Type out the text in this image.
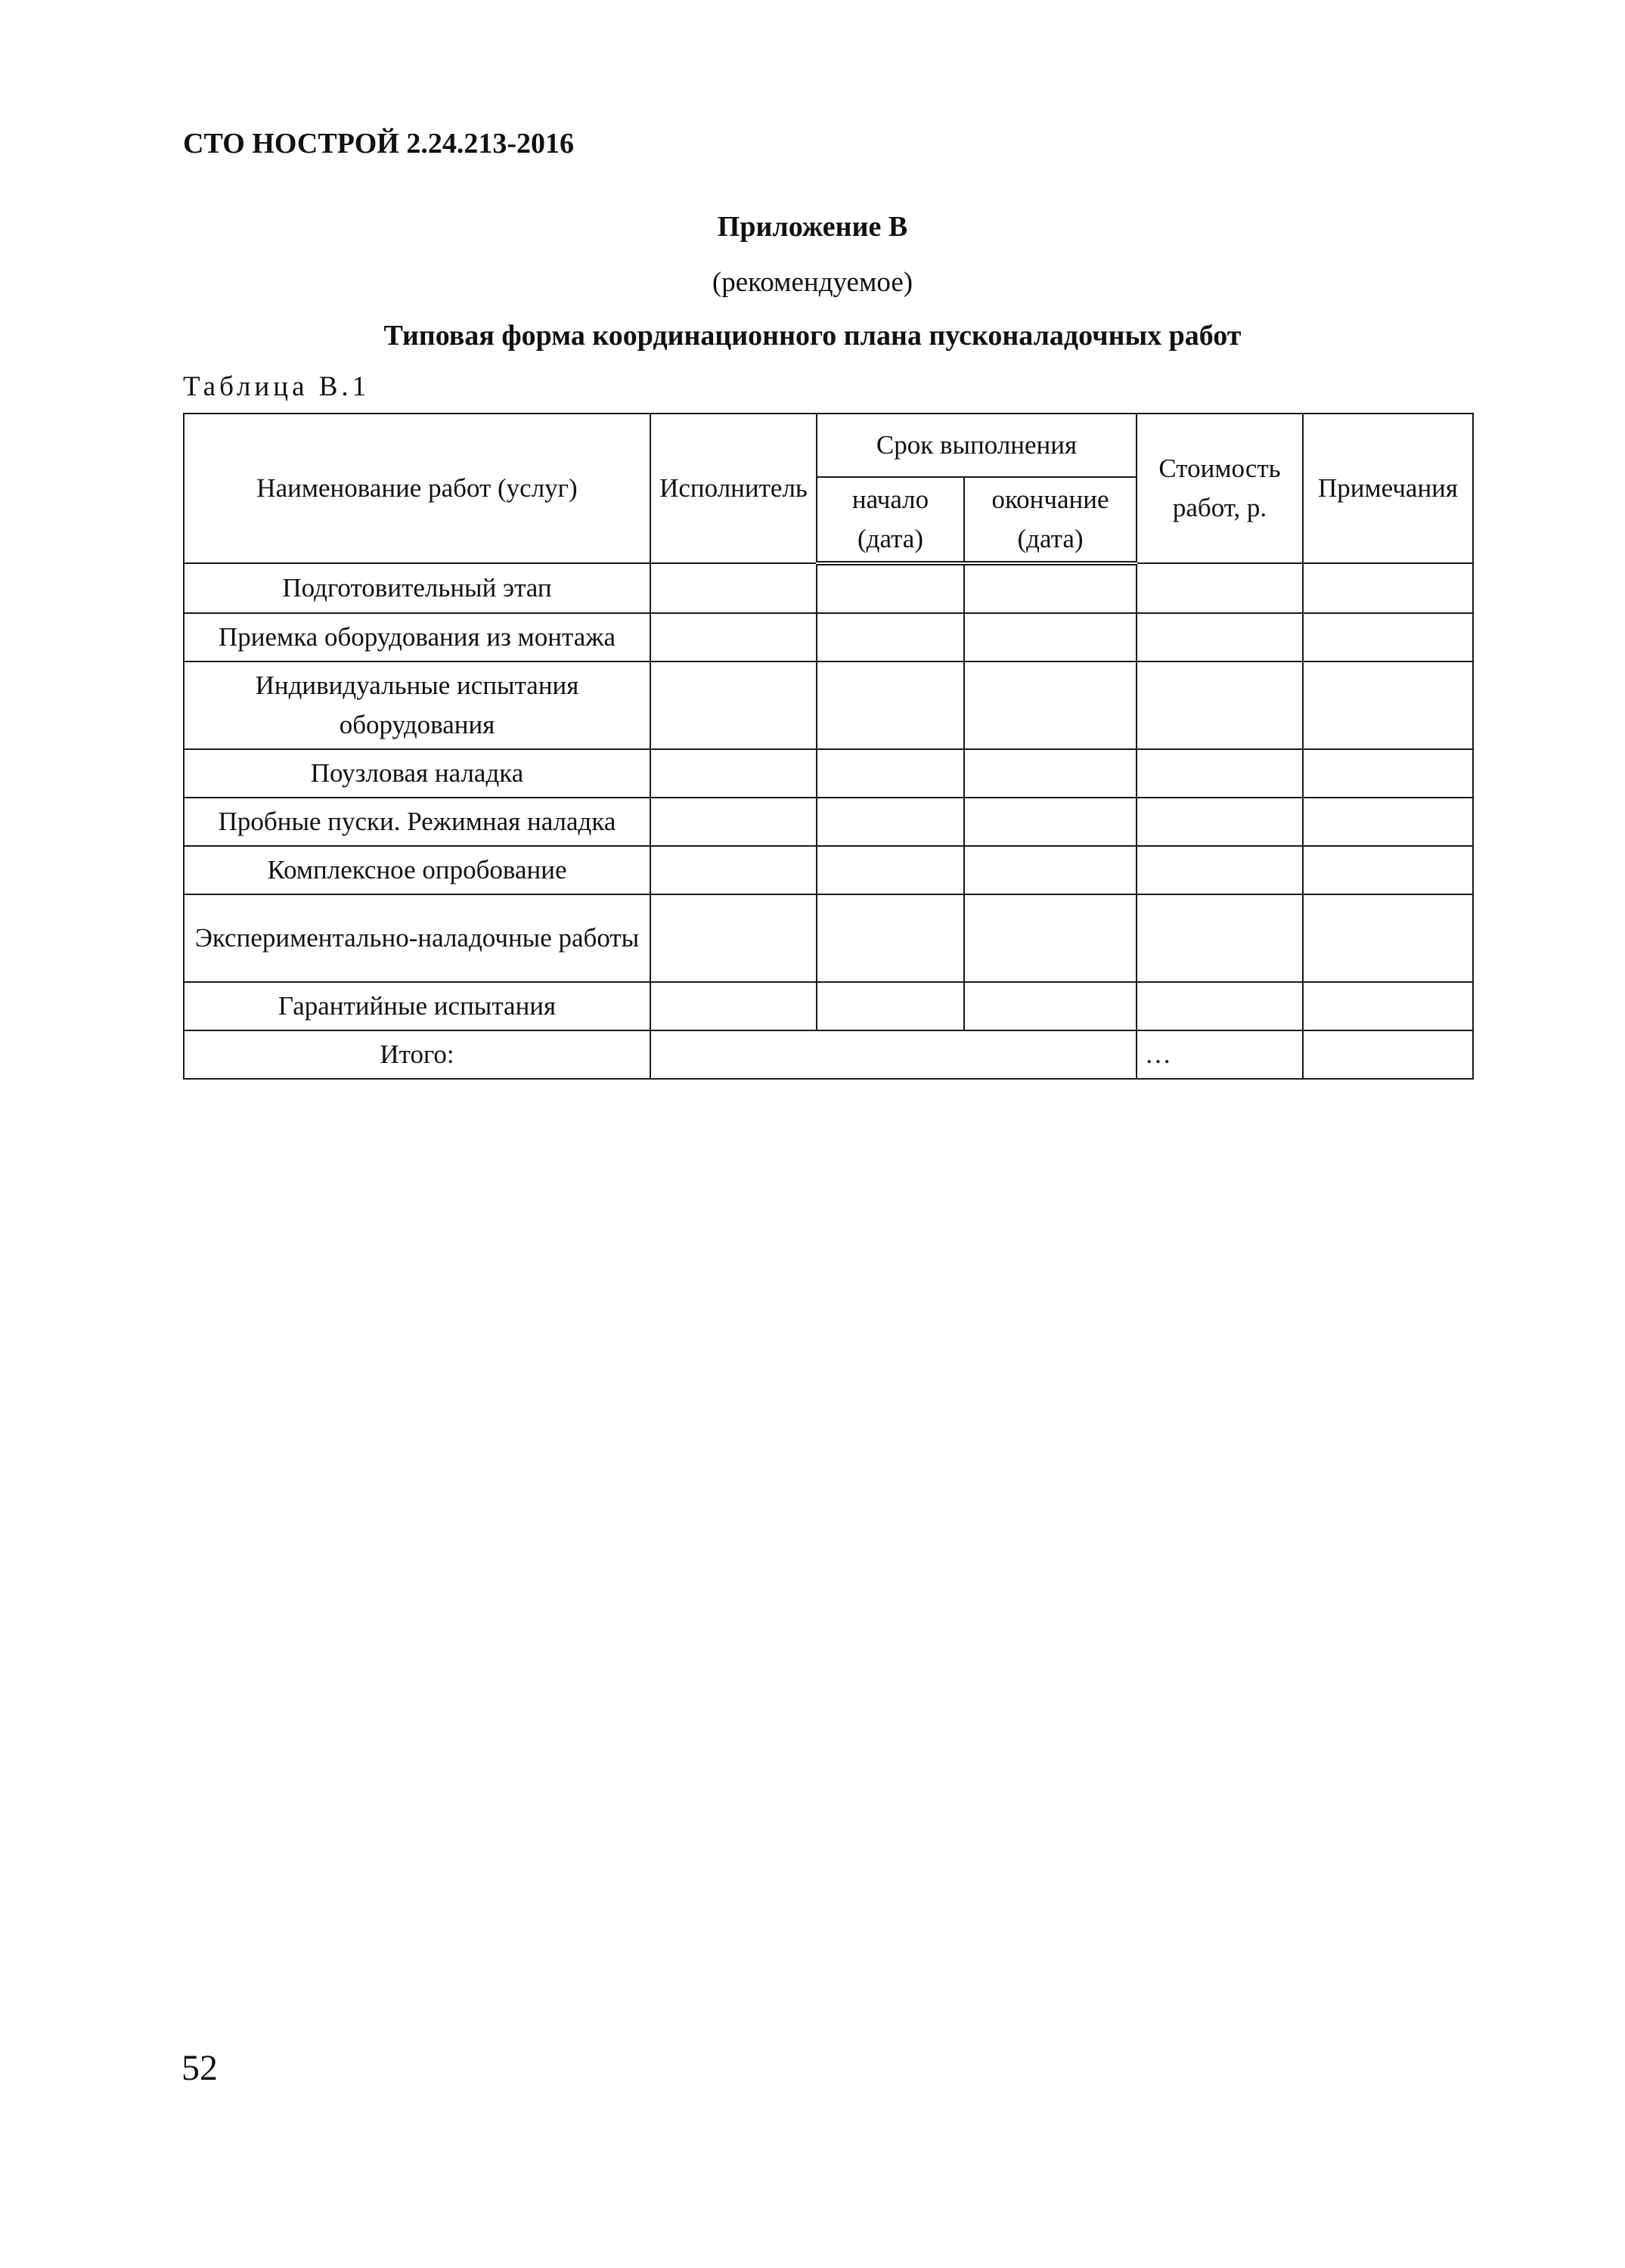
СТО НОСТРОЙ 2.24.213-2016
Приложение В
(рекомендуемое)
Типовая форма координационного плана пусконаладочных работ
Таблица В.1
Наименование работ (услуг)	Исполнитель	Срок выполнения		Стоимость работ, р.	Примечания
		начало (дата)	окончание (дата)		
Подготовительный этап					
Приемка оборудования из монтажа					
Индивидуальные испытания оборудования					
Поузловая наладка					
Пробные пуски. Режимная наладка					
Комплексное опробование					
Экспериментально-наладочные работы					
Гарантийные испытания					
Итого:				…	
52
